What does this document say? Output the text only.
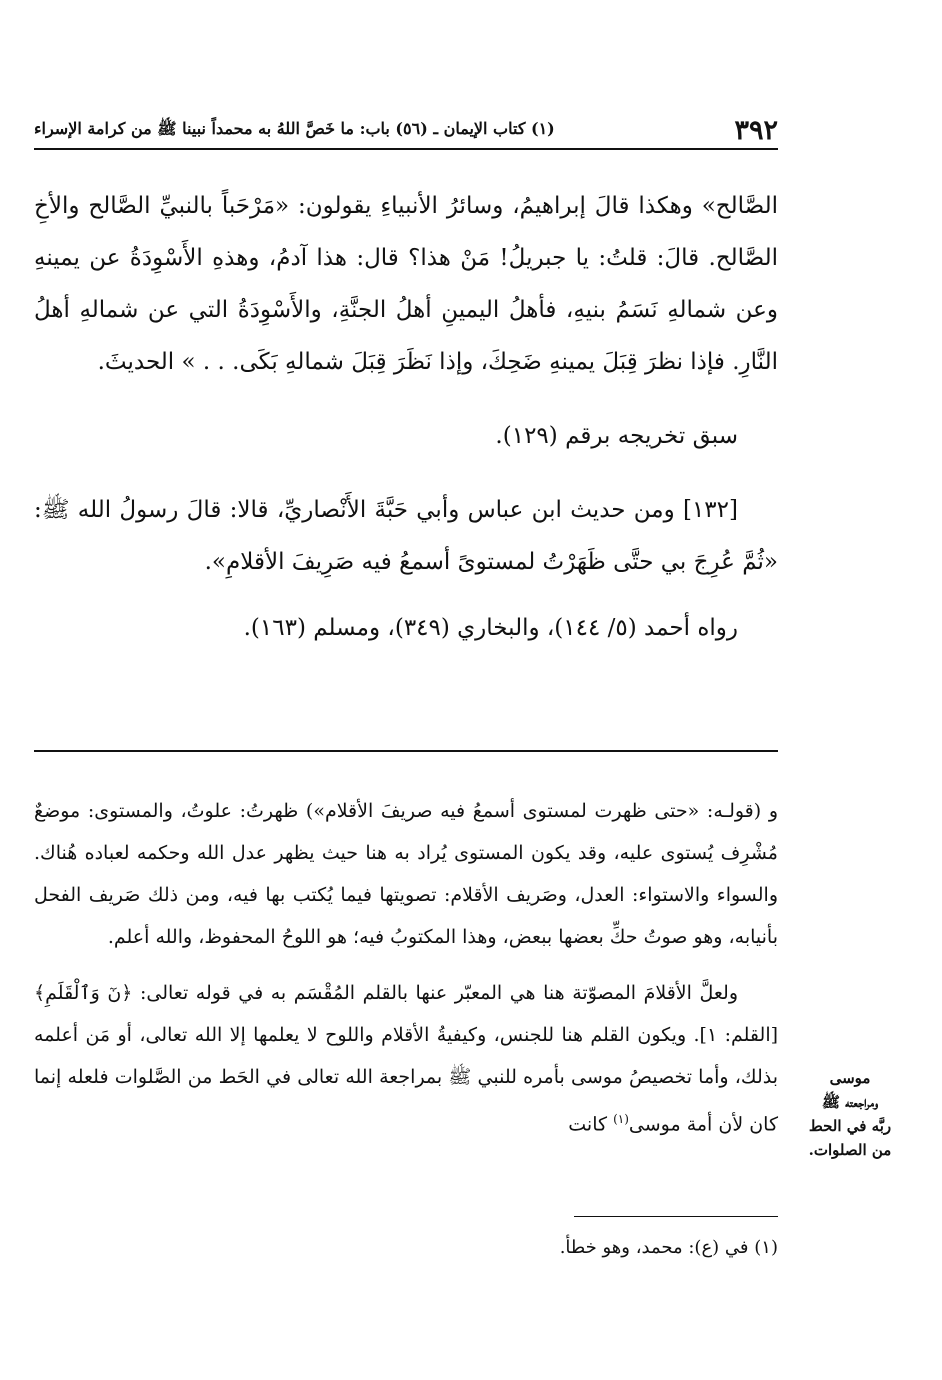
٣٩٢
(١) كتاب الإيمان ـ (٥٦) باب: ما خَصَّ اللهُ به محمداً نبينا ﷺ من كرامة الإسراء

الصَّالح» وهكذا قالَ إبراهيمُ، وسائرُ الأنبياءِ يقولون: «مَرْحَباً بالنبيِّ الصَّالح والأخِ الصَّالح. قالَ: قلتُ: يا جبريلُ! مَنْ هذا؟ قال: هذا آدمُ، وهذهِ الأَسْوِدَةُ عن يمينهِ وعن شمالهِ نَسَمُ بنيهِ، فأهلُ اليمينِ أهلُ الجنَّةِ، والأَسْوِدَةُ التي عن شمالهِ أهلُ النَّارِ. فإذا نظرَ قِبَلَ يمينهِ ضَحِكَ، وإذا نَظَرَ قِبَلَ شمالهِ بَكَى. . . » الحديثَ.

سبق تخريجه برقم (١٢٩).

[١٣٢] ومن حديث ابن عباس وأبي حَبَّةَ الأَنْصاريِّ، قالا: قالَ رسولُ الله ﷺ: «ثُمَّ عُرِجَ بي حتَّى ظَهَرْتُ لمستوىً أسمعُ فيه صَرِيفَ الأقلامِ».

رواه أحمد (٥/ ١٤٤)، والبخاري (٣٤٩)، ومسلم (١٦٣).

و (قولـه: «حتى ظهرت لمستوى أسمعُ فيه صريفَ الأقلام») ظهرتُ: علوتُ، والمستوى: موضعٌ مُشْرِف يُستوى عليه، وقد يكون المستوى يُراد به هنا حيث يظهر عدل الله وحكمه لعباده هُناك. والسواء والاستواء: العدل، وصَريف الأقلام: تصويتها فيما يُكتب بها فيه، ومن ذلك صَريف الفحل بأنيابه، وهو صوتُ حكِّ بعضها ببعض، وهذا المكتوبُ فيه؛ هو اللوحُ المحفوظ، والله أعلم.

ولعلَّ الأقلامَ المصوّتة هنا هي المعبّر عنها بالقلم المُقْسَم به في قوله تعالى: ﴿نٓ وَٱلْقَلَمِ﴾ [القلم: ١]. ويكون القلم هنا للجنس، وكيفيةُ الأقلام واللوح لا يعلمها إلا الله تعالى، أو مَن أعلمه بذلك، وأما تخصيصُ موسى بأمره للنبي ﷺ بمراجعة الله تعالى في الحَط من الصَّلوات فلعله إنما كان لأن أمة موسى$^{(١)}$ كانت

موسى
ومراجعته ﷺ
ربَّه في الحط
من الصلوات.
(١) في (ع): محمد، وهو خطأ.
